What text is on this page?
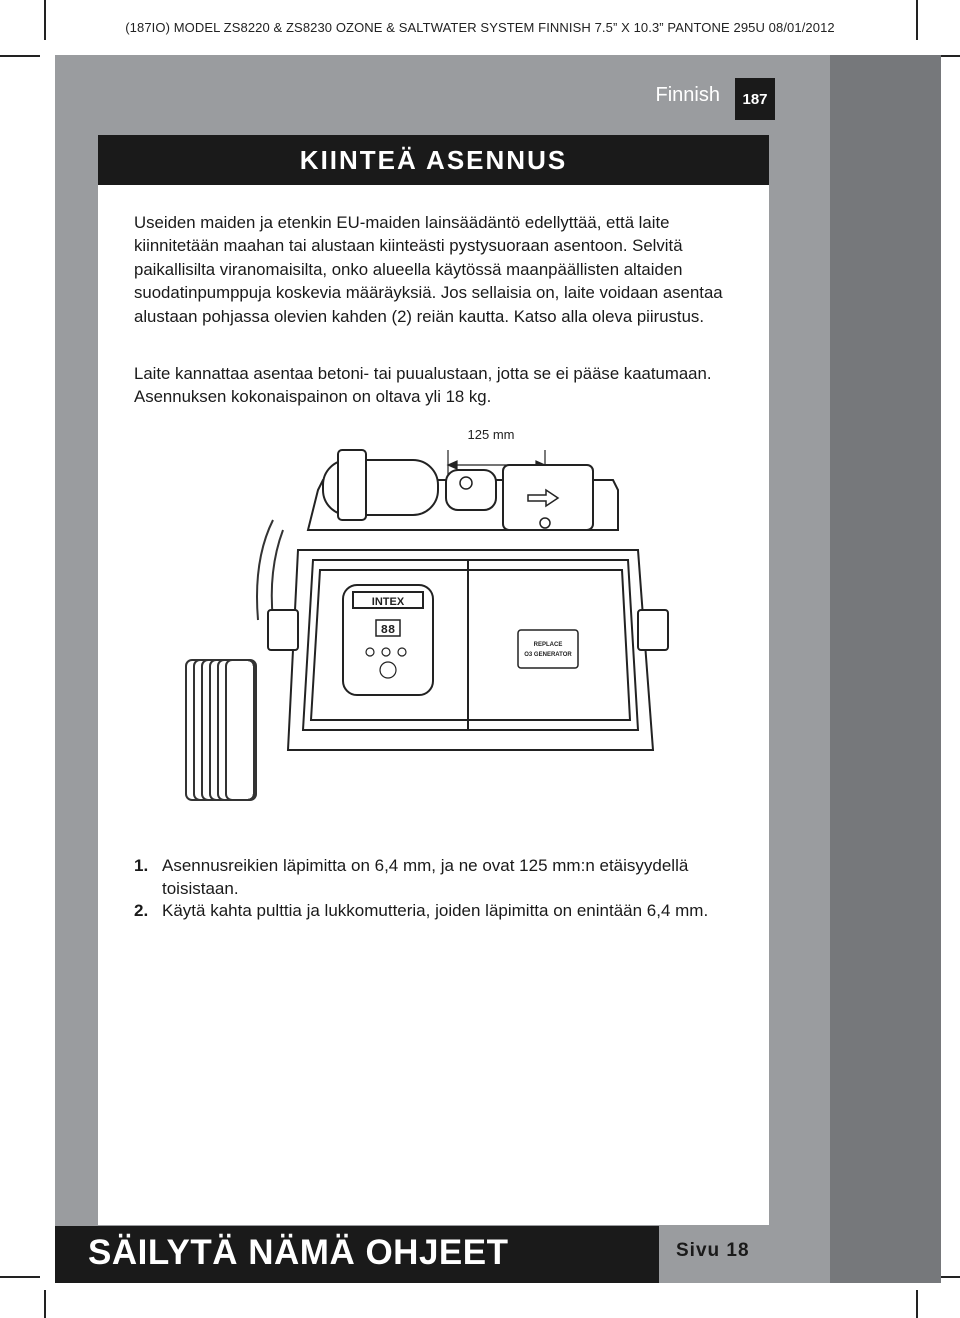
(187IO) MODEL ZS8220 & ZS8230 OZONE & SALTWATER SYSTEM FINNISH 7.5” X 10.3” PANTONE 295U 08/01/2012
Finnish	187
KIINTEÄ ASENNUS
Useiden maiden ja etenkin EU-maiden lainsäädäntö edellyttää, että laite kiinnitetään maahan tai alustaan kiinteästi pystysuoraan asentoon. Selvitä paikallisilta viranomaisilta, onko alueella käytössä maanpäällisten altaiden suodatinpumppuja koskevia määräyksiä. Jos sellaisia on, laite voidaan asentaa alustaan pohjassa olevien kahden (2) reiän kautta. Katso alla oleva piirustus.
Laite kannattaa asentaa betoni- tai puualustaan, jotta se ei pääse kaatumaan. Asennuksen kokonaispainon on oltava yli 18 kg.
125 mm
INTEX
88
REPLACE
O3 GENERATOR
1. Asennusreikien läpimitta on 6,4 mm, ja ne ovat 125 mm:n etäisyydellä toisistaan.
2. Käytä kahta pulttia ja lukkomutteria, joiden läpimitta on enintään 6,4 mm.
SÄILYTÄ NÄMÄ OHJEET	Sivu 18
